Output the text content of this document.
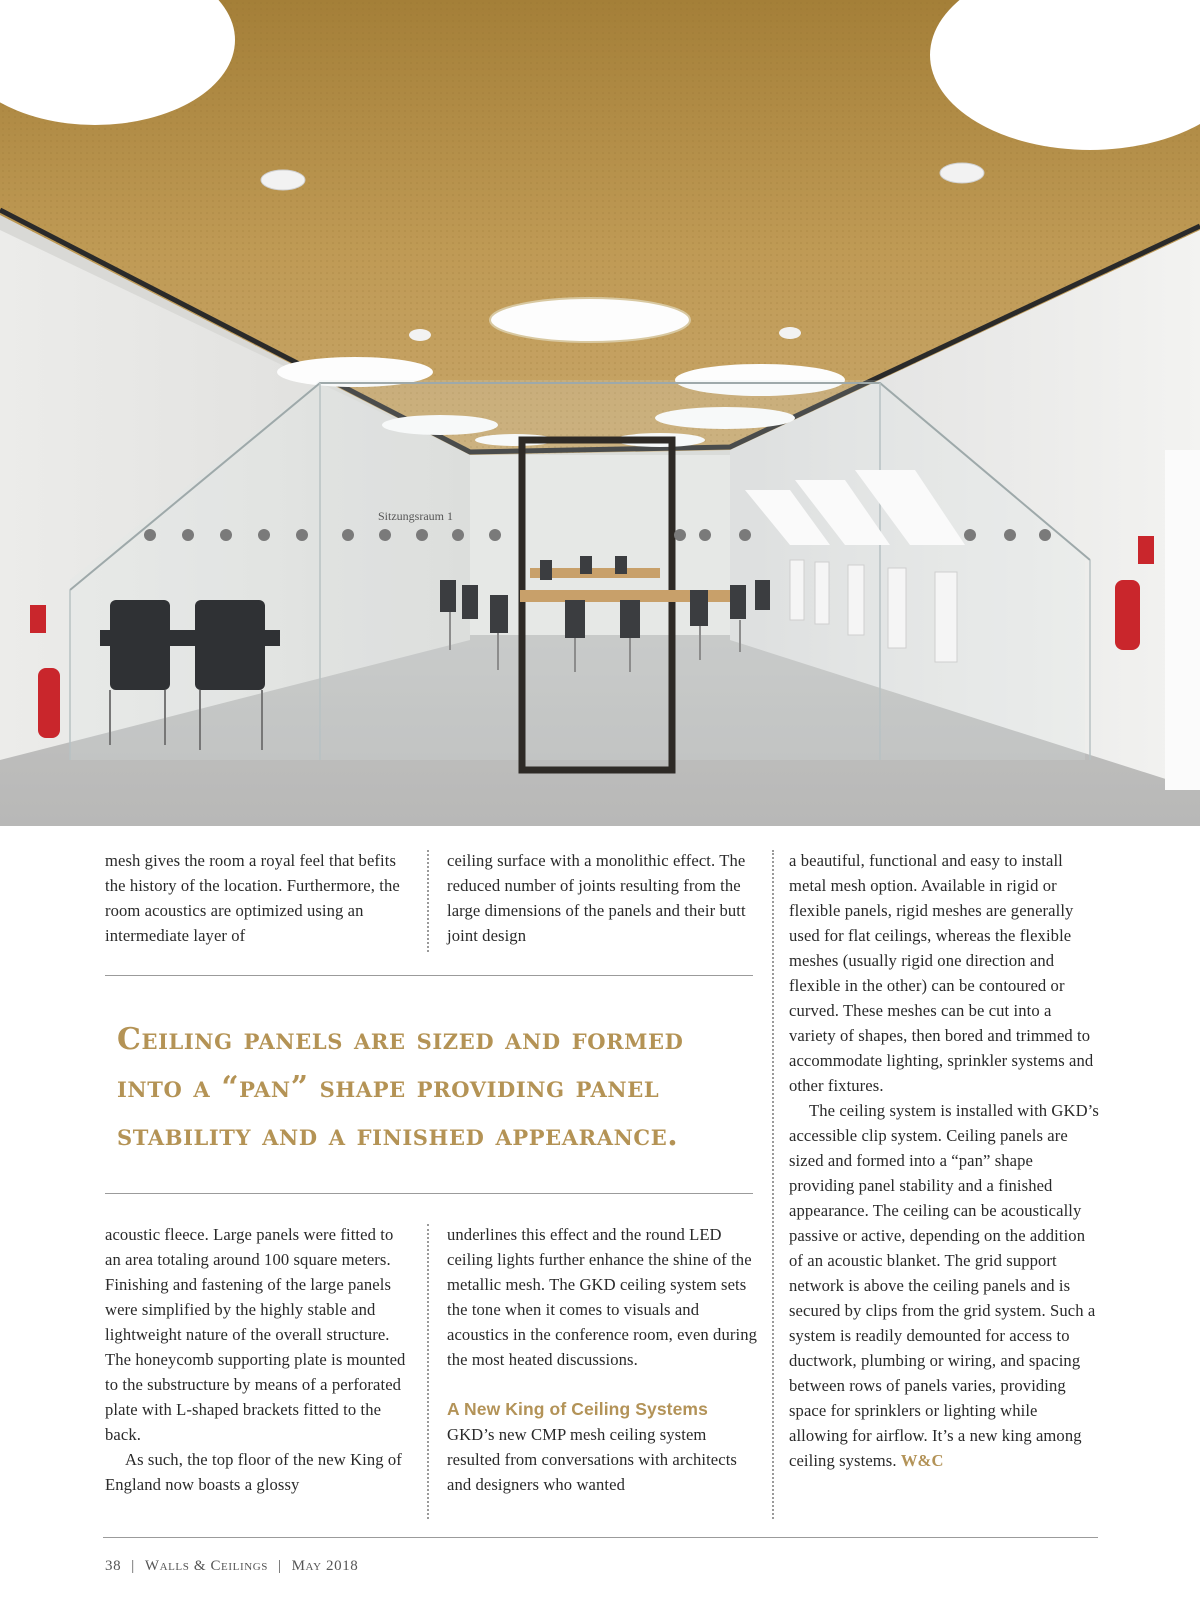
Sitzungsraum 1

mesh gives the room a royal feel that befits the history of the location. Furthermore, the room acoustics are optimized using an intermediate layer of

ceiling surface with a monolithic effect. The reduced number of joints resulting from the large dimensions of the panels and their butt joint design

Ceiling panels are sized and formed into a “pan” shape providing panel stability and a finished appearance.

acoustic fleece. Large panels were fitted to an area totaling around 100 square meters. Finishing and fastening of the large panels were simplified by the highly stable and lightweight nature of the overall structure. The honeycomb supporting plate is mounted to the substructure by means of a perforated plate with L-shaped brackets fitted to the back.

As such, the top floor of the new King of England now boasts a glossy

underlines this effect and the round LED ceiling lights further enhance the shine of the metallic mesh. The GKD ceiling system sets the tone when it comes to visuals and acoustics in the conference room, even during the most heated discussions.

A New King of Ceiling Systems

GKD’s new CMP mesh ceiling system resulted from conversations with architects and designers who wanted

a beautiful, functional and easy to install metal mesh option. Available in rigid or flexible panels, rigid meshes are generally used for flat ceilings, whereas the flexible meshes (usually rigid one direction and flexible in the other) can be contoured or curved. These meshes can be cut into a variety of shapes, then bored and trimmed to accommodate lighting, sprinkler systems and other fixtures.

The ceiling system is installed with GKD’s accessible clip system. Ceiling panels are sized and formed into a “pan” shape providing panel stability and a finished appearance. The ceiling can be acoustically passive or active, depending on the addition of an acoustic blanket. The grid support network is above the ceiling panels and is secured by clips from the grid system. Such a system is readily demounted for access to ductwork, plumbing or wiring, and spacing between rows of panels varies, providing space for sprinklers or lighting while allowing for airflow. It’s a new king among ceiling systems. W&C

38 | Walls & Ceilings | May 2018
